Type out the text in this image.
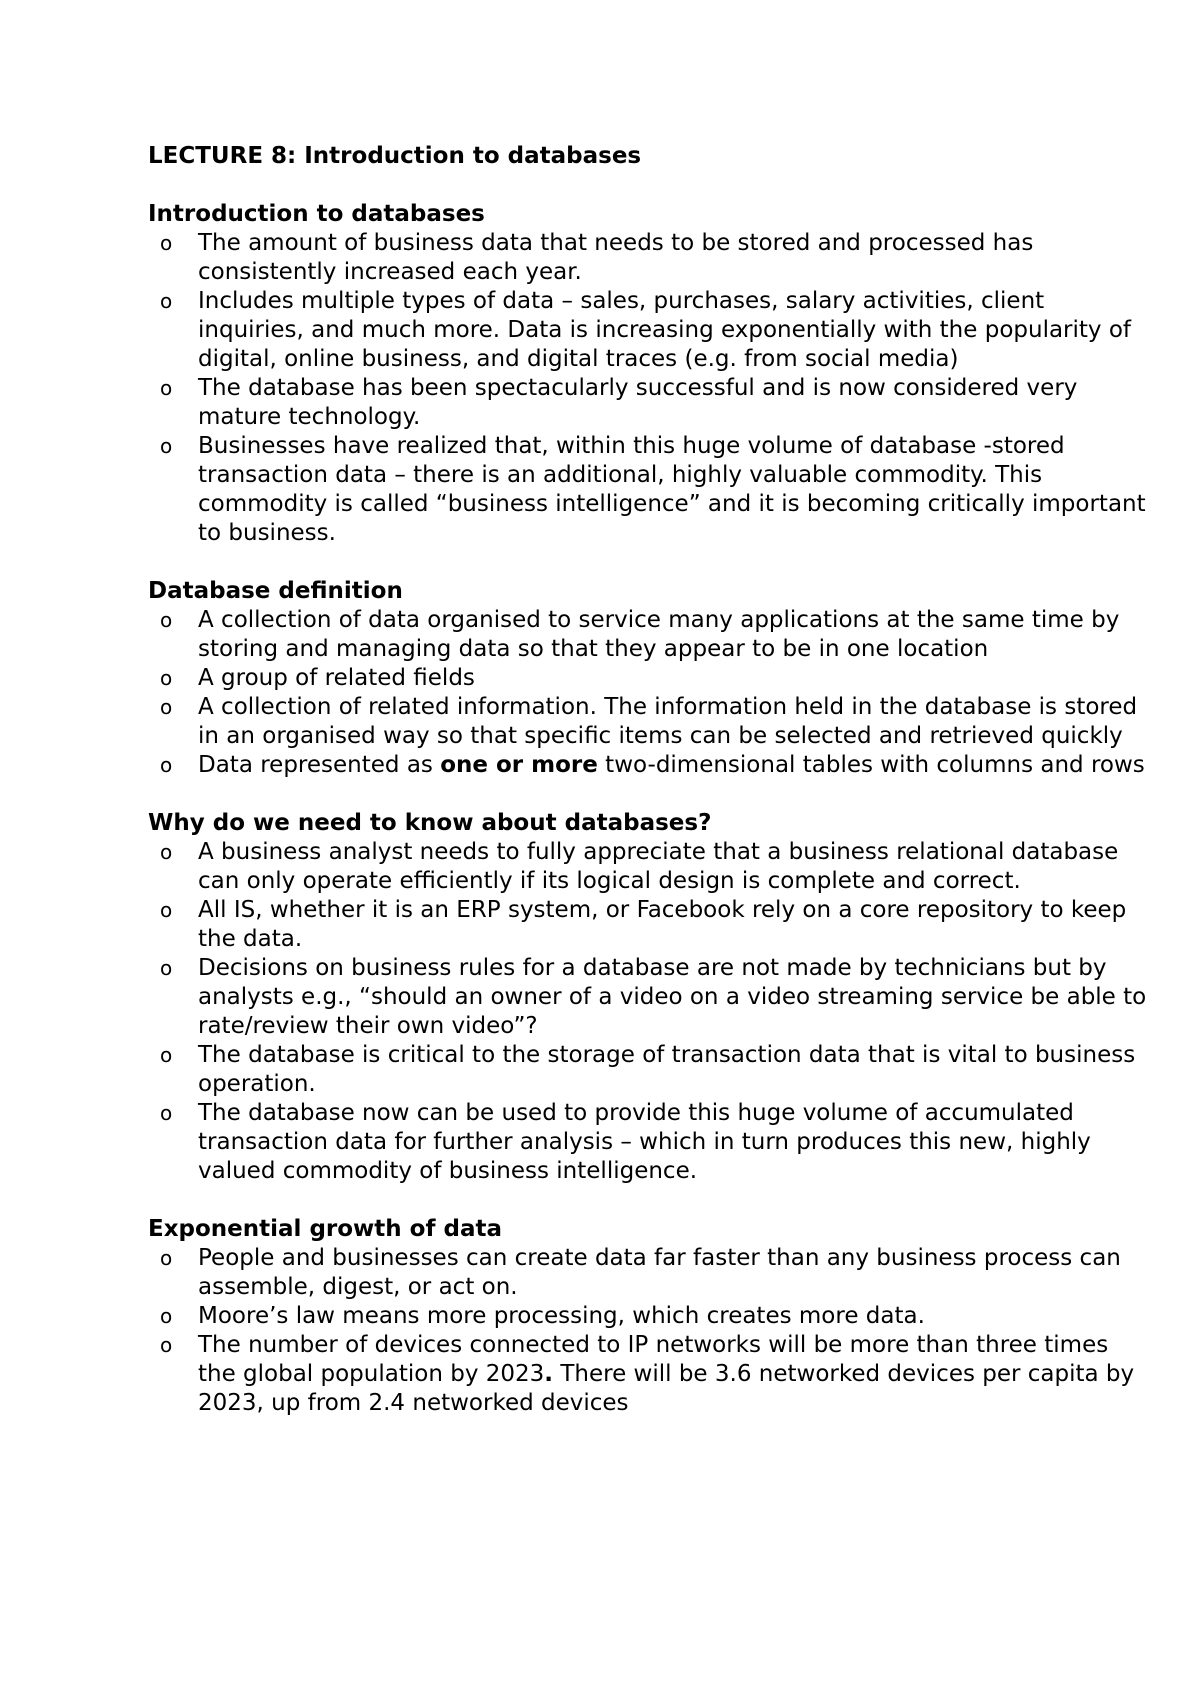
LECTURE 8: Introduction to databases
Introduction to databases
o The amount of business data that needs to be stored and processed has consistently increased each year.
o Includes multiple types of data – sales, purchases, salary activities, client inquiries, and much more. Data is increasing exponentially with the popularity of digital, online business, and digital traces (e.g. from social media)
o The database has been spectacularly successful and is now considered very mature technology.
o Businesses have realized that, within this huge volume of database -stored transaction data – there is an additional, highly valuable commodity. This commodity is called “business intelligence” and it is becoming critically important to business.
Database definition
o A collection of data organised to service many applications at the same time by storing and managing data so that they appear to be in one location
o A group of related fields
o A collection of related information. The information held in the database is stored in an organised way so that specific items can be selected and retrieved quickly
o Data represented as one or more two-dimensional tables with columns and rows
Why do we need to know about databases?
o A business analyst needs to fully appreciate that a business relational database can only operate efficiently if its logical design is complete and correct.
o All IS, whether it is an ERP system, or Facebook rely on a core repository to keep the data.
o Decisions on business rules for a database are not made by technicians but by analysts e.g., “should an owner of a video on a video streaming service be able to rate/review their own video”?
o The database is critical to the storage of transaction data that is vital to business operation.
o The database now can be used to provide this huge volume of accumulated transaction data for further analysis – which in turn produces this new, highly valued commodity of business intelligence.
Exponential growth of data
o People and businesses can create data far faster than any business process can assemble, digest, or act on.
o Moore’s law means more processing, which creates more data.
o The number of devices connected to IP networks will be more than three times the global population by 2023. There will be 3.6 networked devices per capita by 2023, up from 2.4 networked devices
